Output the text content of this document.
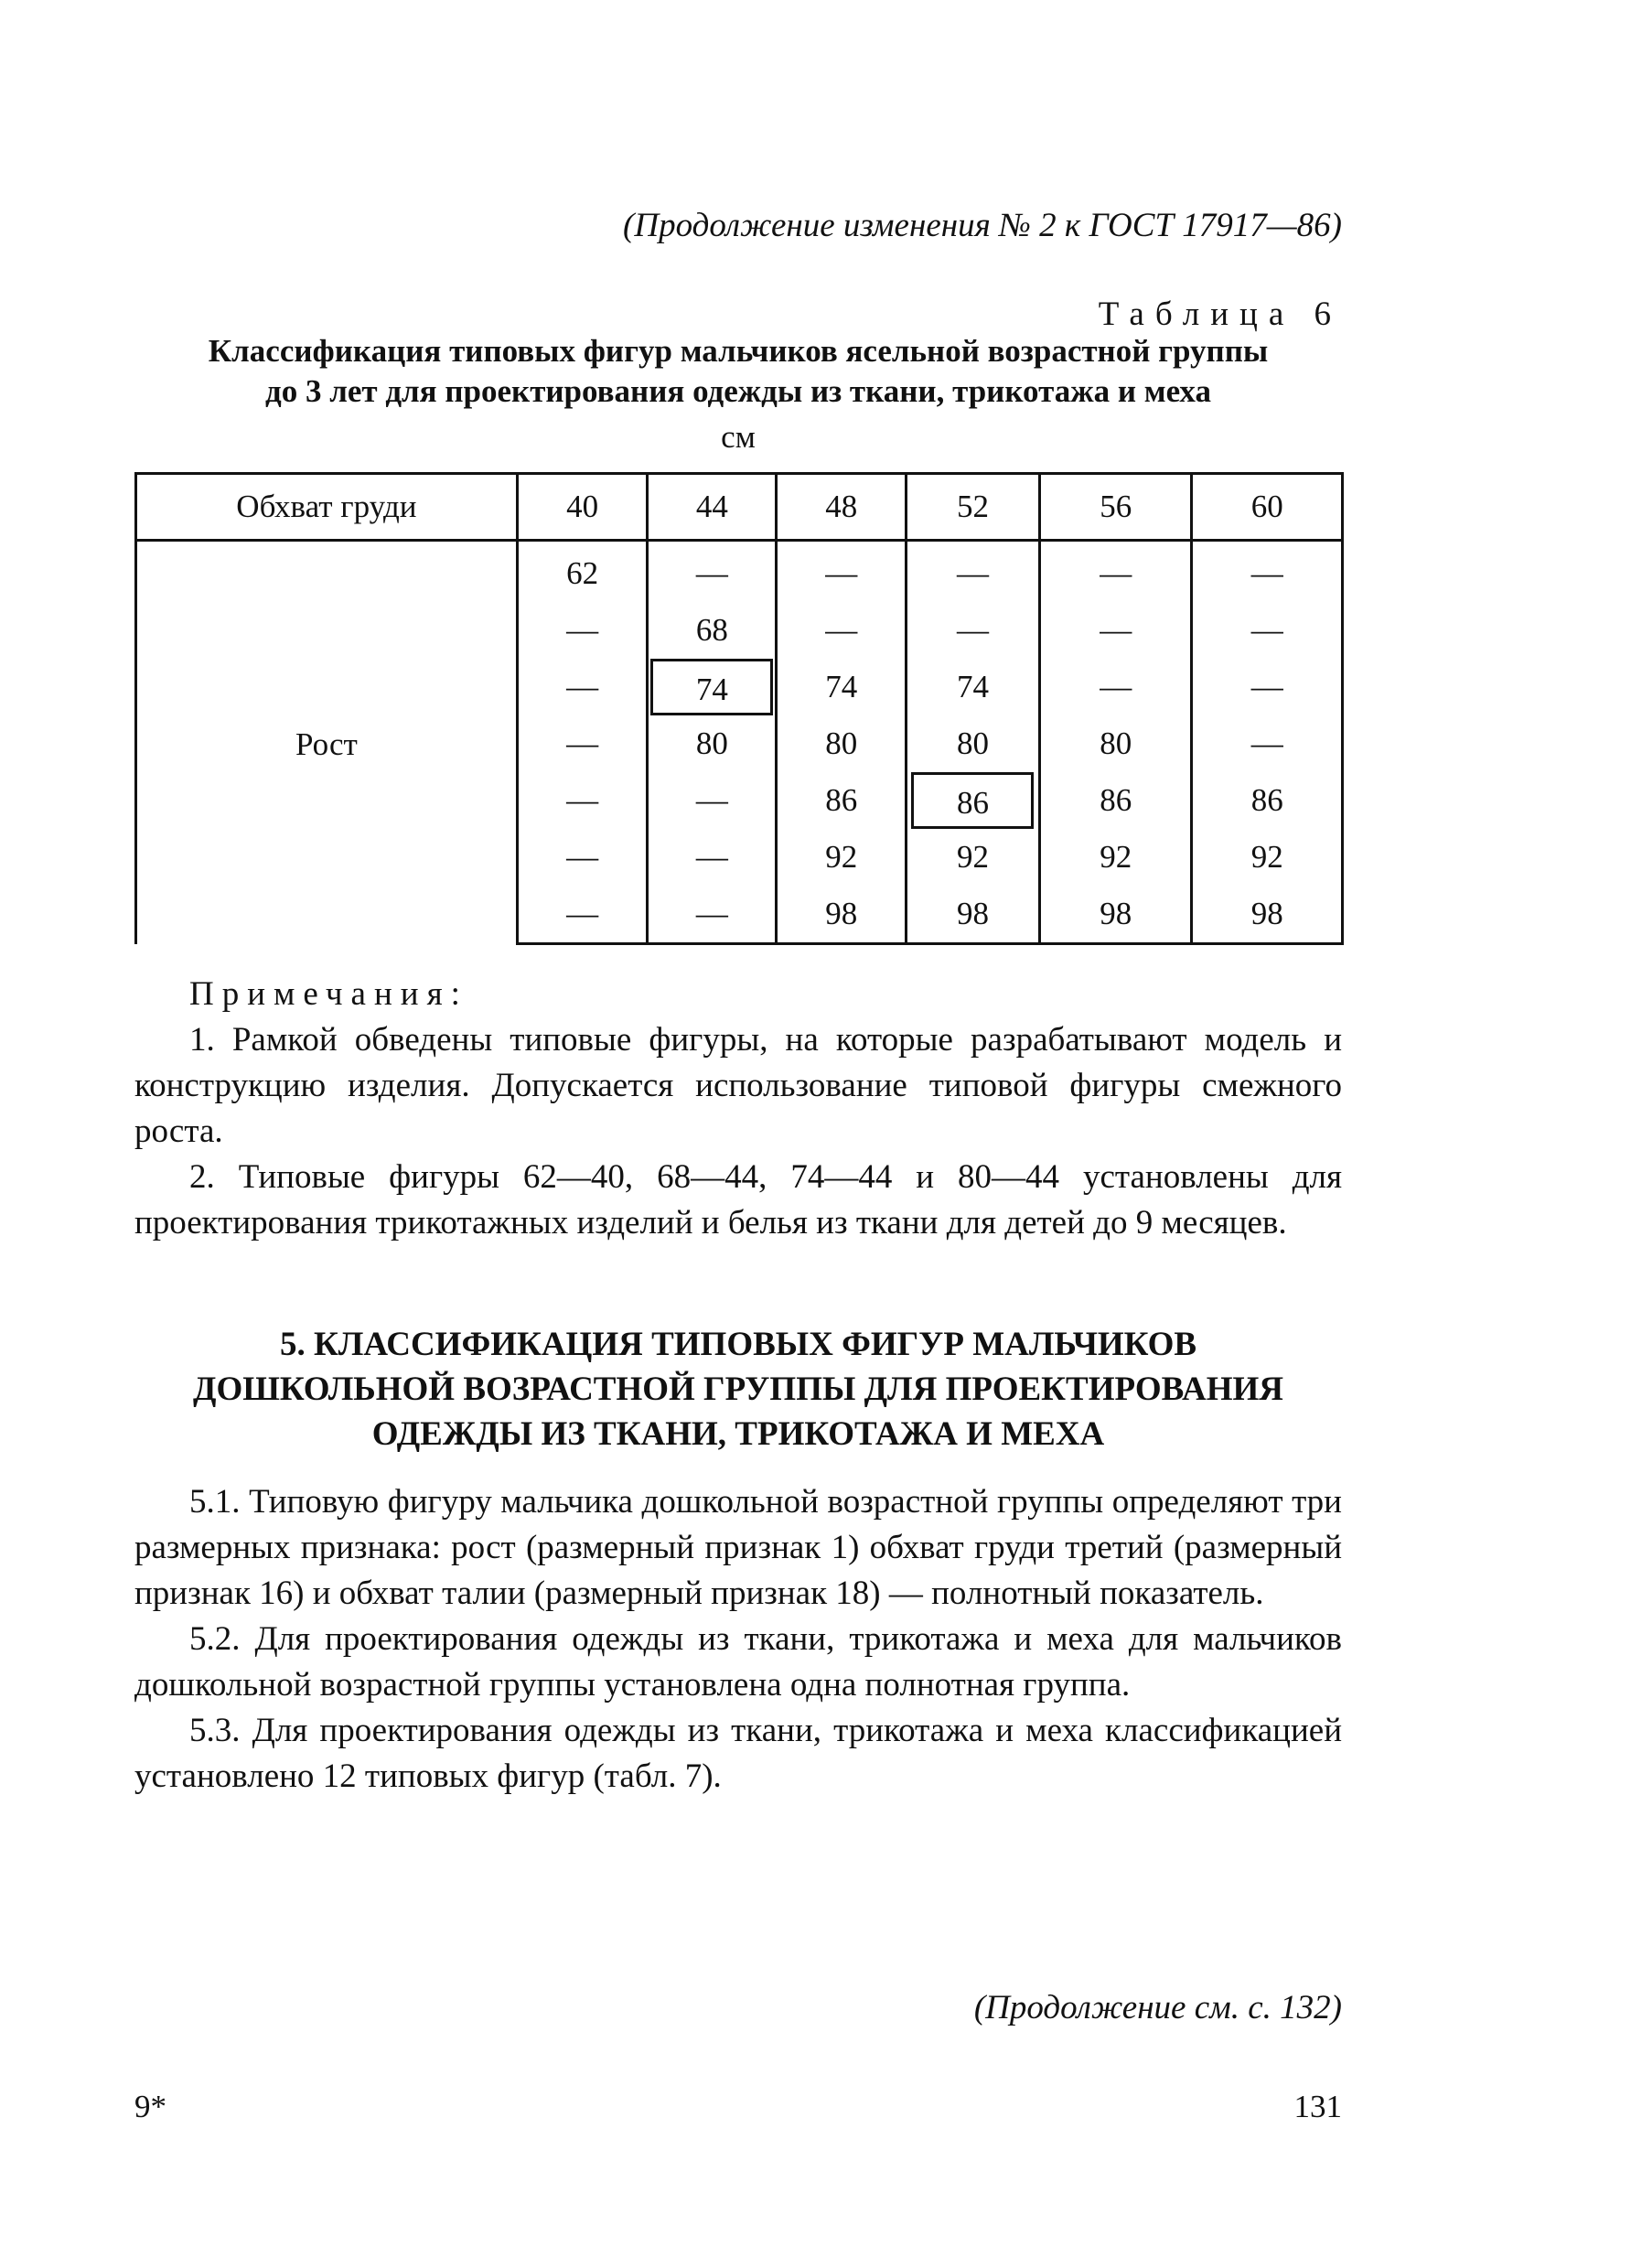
(Продолжение изменения № 2 к ГОСТ 17917—86)
Таблица 6
Классификация типовых фигур мальчиков ясельной возрастной группы
до 3 лет для проектирования одежды из ткани, трикотажа и меха
см
Обхват груди	40	44	48	52	56	60
Рост	62	—	—	—	—	—
	—	68	—	—	—	—
	—	74	74	74	—	—
	—	80	80	80	80	—
	—	—	86	86	86	86
	—	—	92	92	92	92
	—	—	98	98	98	98
Примечания:

1. Рамкой обведены типовые фигуры, на которые разрабатывают модель и конструкцию изделия. Допускается использование типовой фигуры смежного роста.

2. Типовые фигуры 62—40, 68—44, 74—44 и 80—44 установлены для проектирования трикотажных изделий и белья из ткани для детей до 9 месяцев.

5. КЛАССИФИКАЦИЯ ТИПОВЫХ ФИГУР МАЛЬЧИКОВ
ДОШКОЛЬНОЙ ВОЗРАСТНОЙ ГРУППЫ ДЛЯ ПРОЕКТИРОВАНИЯ
ОДЕЖДЫ ИЗ ТКАНИ, ТРИКОТАЖА И МЕХА

5.1. Типовую фигуру мальчика дошкольной возрастной группы определяют три размерных признака: рост (размерный признак 1) обхват груди третий (размерный признак 16) и обхват талии (размерный признак 18) — полнотный показатель.

5.2. Для проектирования одежды из ткани, трикотажа и меха для мальчиков дошкольной возрастной группы установлена одна полнотная группа.

5.3. Для проектирования одежды из ткани, трикотажа и меха классификацией установлено 12 типовых фигур (табл. 7).

(Продолжение см. с. 132)
9*	131
